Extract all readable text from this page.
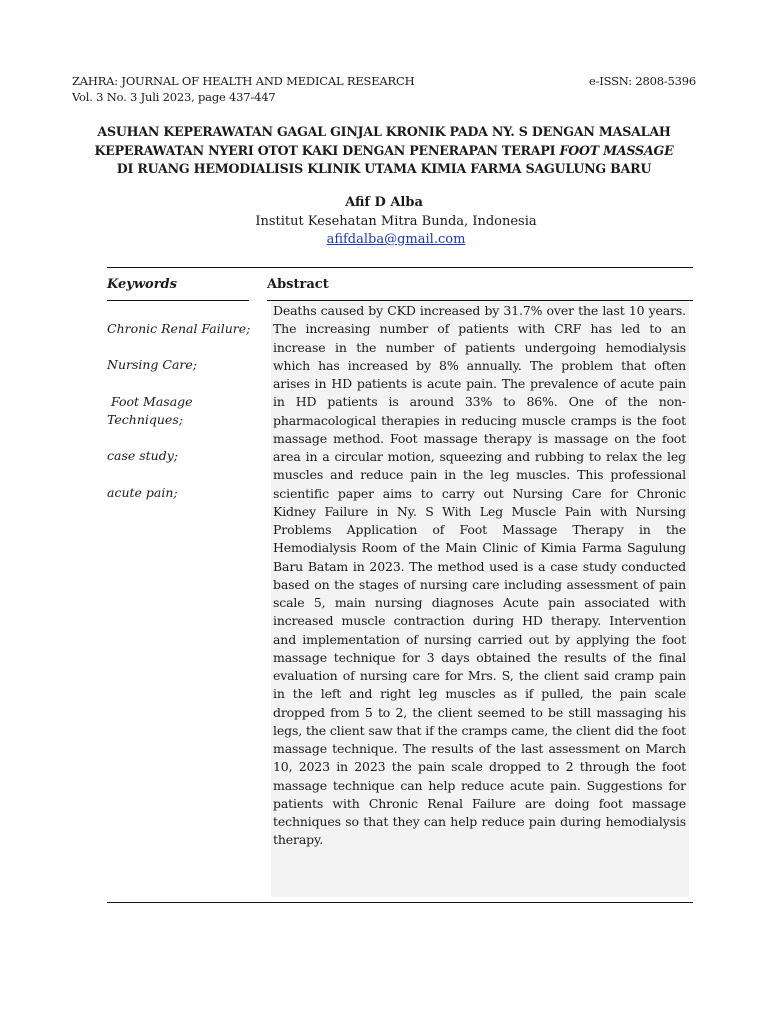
ZAHRA: JOURNAL OF HEALTH AND MEDICAL RESEARCH
Vol. 3 No. 3 Juli 2023, page 437-447
e-ISSN: 2808-5396
ASUHAN KEPERAWATAN GAGAL GINJAL KRONIK PADA NY. S DENGAN MASALAH KEPERAWATAN NYERI OTOT KAKI DENGAN PENERAPAN TERAPI FOOT MASSAGE
DI RUANG HEMODIALISIS KLINIK UTAMA KIMIA FARMA SAGULUNG BARU
Afif D Alba
Institut Kesehatan Mitra Bunda, Indonesia
afifdalba@gmail.com
Keywords	Abstract
Chronic Renal Failure;
Nursing Care;
Foot Masage Techniques;
case study;
acute pain;
Deaths caused by CKD increased by 31.7% over the last 10 years. The increasing number of patients with CRF has led to an increase in the number of patients undergoing hemodialysis which has increased by 8% annually. The problem that often arises in HD patients is acute pain. The prevalence of acute pain in HD patients is around 33% to 86%. One of the non-pharmacological therapies in reducing muscle cramps is the foot massage method. Foot massage therapy is massage on the foot area in a circular motion, squeezing and rubbing to relax the leg muscles and reduce pain in the leg muscles. This professional scientific paper aims to carry out Nursing Care for Chronic Kidney Failure in Ny. S With Leg Muscle Pain with Nursing Problems Application of Foot Massage Therapy in the Hemodialysis Room of the Main Clinic of Kimia Farma Sagulung Baru Batam in 2023. The method used is a case study conducted based on the stages of nursing care including assessment of pain scale 5, main nursing diagnoses Acute pain associated with increased muscle contraction during HD therapy. Intervention and implementation of nursing carried out by applying the foot massage technique for 3 days obtained the results of the final evaluation of nursing care for Mrs. S, the client said cramp pain in the left and right leg muscles as if pulled, the pain scale dropped from 5 to 2, the client seemed to be still massaging his legs, the client saw that if the cramps came, the client did the foot massage technique. The results of the last assessment on March 10, 2023 in 2023 the pain scale dropped to 2 through the foot massage technique can help reduce acute pain. Suggestions for patients with Chronic Renal Failure are doing foot massage techniques so that they can help reduce pain during hemodialysis therapy.
